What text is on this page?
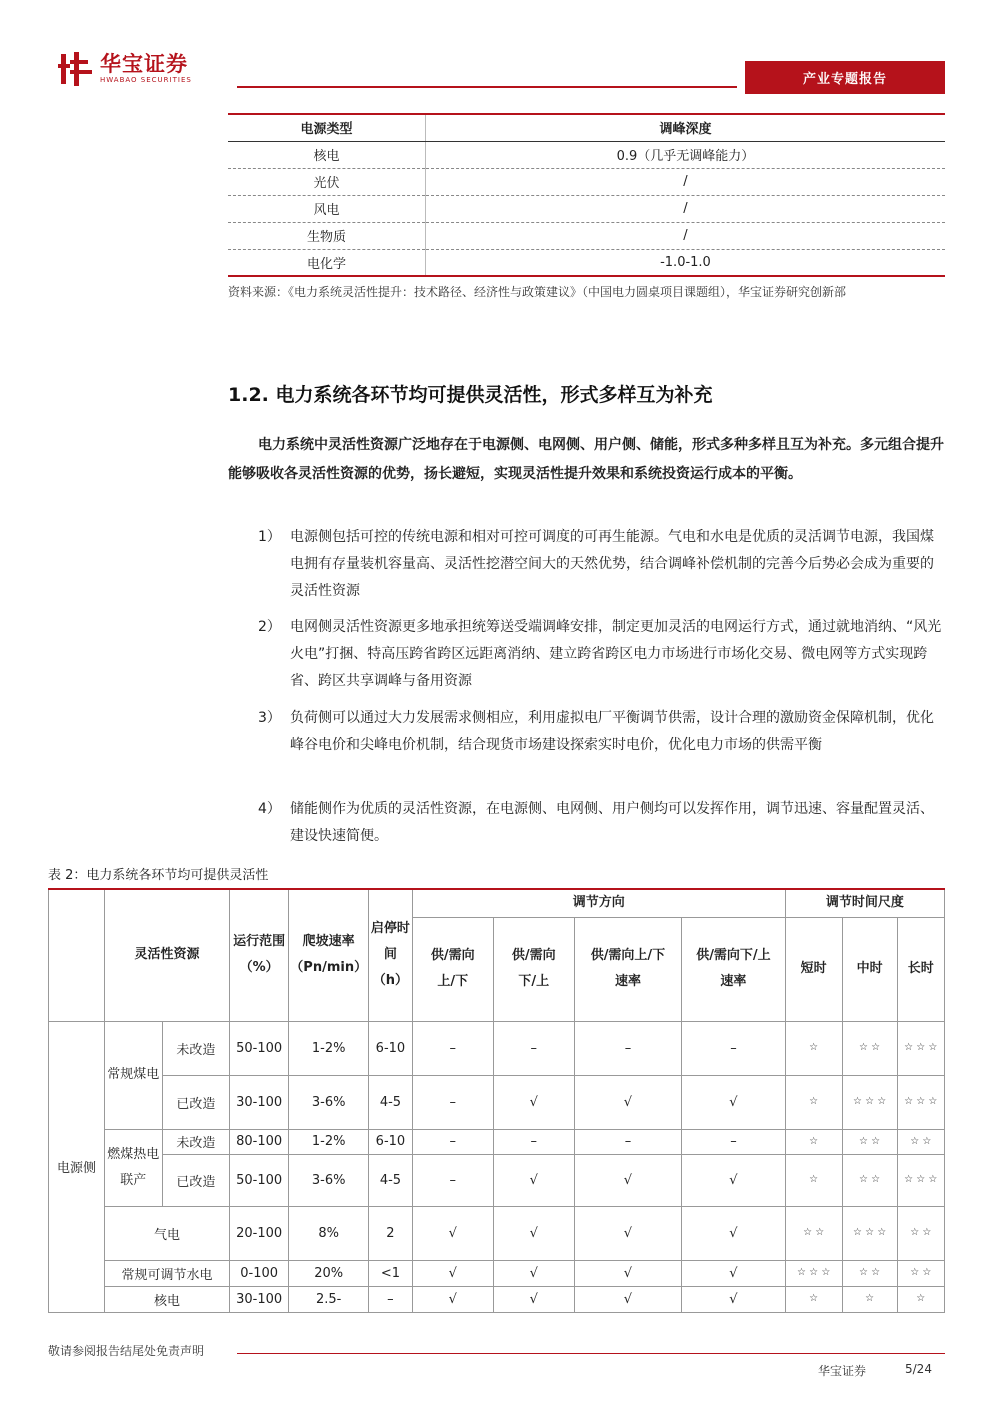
华宝证券
HWABAO SECURITIES	产业专题报告
电源类型	调峰深度
核电	0.9（几乎无调峰能力）
光伏	/
风电	/
生物质	/
电化学	-1.0-1.0
资料来源：《电力系统灵活性提升：技术路径、经济性与政策建议》（中国电力圆桌项目课题组），华宝证券研究创新部
1.2. 电力系统各环节均可提供灵活性，形式多样互为补充
电力系统中灵活性资源广泛地存在于电源侧、电网侧、用户侧、储能，形式多种多样且互为补充。多元组合提升能够吸收各灵活性资源的优势，扬长避短，实现灵活性提升效果和系统投资运行成本的平衡。
1） 电源侧包括可控的传统电源和相对可控可调度的可再生能源。气电和水电是优质的灵活调节电源，我国煤电拥有存量装机容量高、灵活性挖潜空间大的天然优势，结合调峰补偿机制的完善今后势必会成为重要的灵活性资源
2） 电网侧灵活性资源更多地承担统筹送受端调峰安排，制定更加灵活的电网运行方式，通过就地消纳、“风光火电”打捆、特高压跨省跨区远距离消纳、建立跨省跨区电力市场进行市场化交易、微电网等方式实现跨省、跨区共享调峰与备用资源
3） 负荷侧可以通过大力发展需求侧相应，利用虚拟电厂平衡调节供需，设计合理的激励资金保障机制，优化峰谷电价和尖峰电价机制，结合现货市场建设探索实时电价，优化电力市场的供需平衡
4） 储能侧作为优质的灵活性资源，在电源侧、电网侧、用户侧均可以发挥作用，调节迅速、容量配置灵活、建设快速简便。
表 2：电力系统各环节均可提供灵活性
	灵活性资源		运行范围（%）	爬坡速率（Pn/min）	启停时间（h）	调节方向				调节时间尺度		
						供/需向上/下	供/需向下/上	供/需向上/下速率	供/需向下/上速率	短时	中时	长时
电源侧	常规煤电	未改造	50-100	1-2%	6-10	–	–	–	–	☆	☆ ☆	☆ ☆ ☆
		已改造	30-100	3-6%	4-5	–	√	√	√	☆	☆ ☆ ☆	☆ ☆ ☆
	燃煤热电联产	未改造	80-100	1-2%	6-10	–	–	–	–	☆	☆ ☆	☆ ☆
		已改造	50-100	3-6%	4-5	–	√	√	√	☆	☆ ☆	☆ ☆ ☆
	气电		20-100	8%	2	√	√	√	√	☆ ☆	☆ ☆ ☆	☆ ☆
	常规可调节水电		0-100	20%	<1	√	√	√	√	☆ ☆ ☆	☆ ☆	☆ ☆
	核电		30-100	2.5-	–	√	√	√	√	☆	☆	☆
敬请参阅报告结尾处免责声明
华宝证券	5/24
